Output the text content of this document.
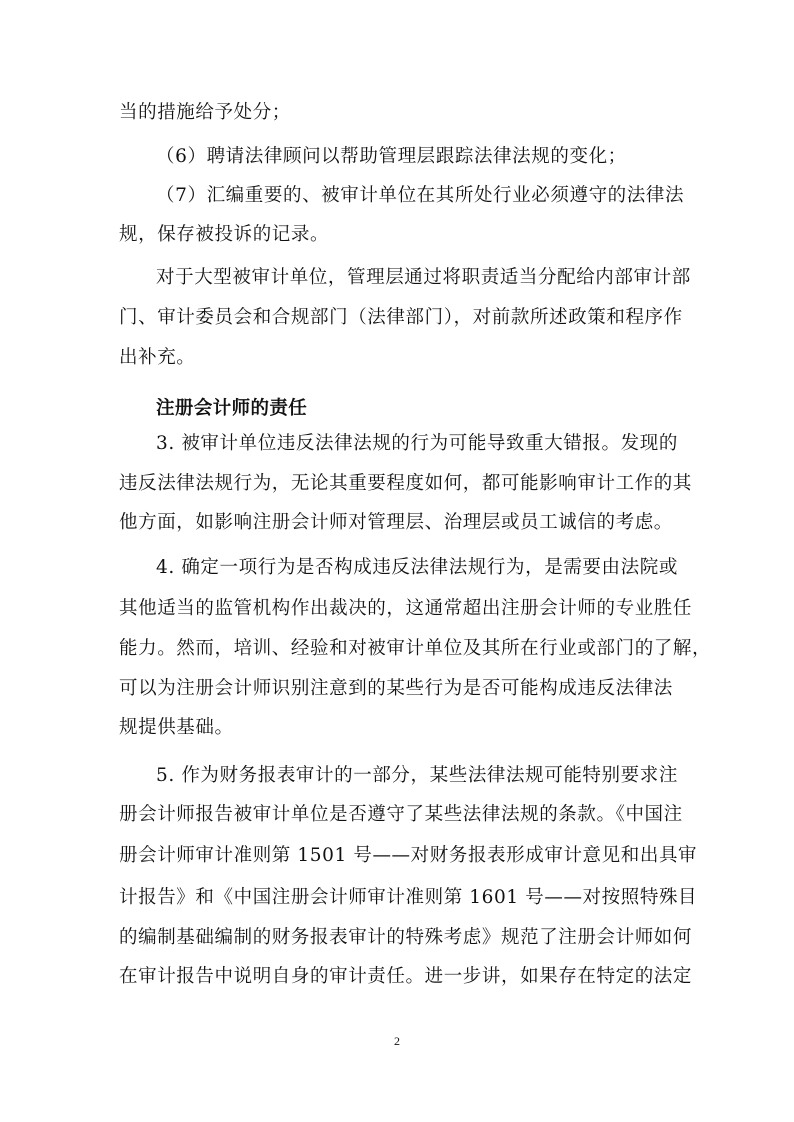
当的措施给予处分；
（6）聘请法律顾问以帮助管理层跟踪法律法规的变化；
（7）汇编重要的、被审计单位在其所处行业必须遵守的法律法
规，保存被投诉的记录。
对于大型被审计单位，管理层通过将职责适当分配给内部审计部
门、审计委员会和合规部门（法律部门），对前款所述政策和程序作
出补充。
注册会计师的责任
3. 被审计单位违反法律法规的行为可能导致重大错报。发现的
违反法律法规行为，无论其重要程度如何，都可能影响审计工作的其
他方面，如影响注册会计师对管理层、治理层或员工诚信的考虑。
4. 确定一项行为是否构成违反法律法规行为，是需要由法院或
其他适当的监管机构作出裁决的，这通常超出注册会计师的专业胜任
能力。然而，培训、经验和对被审计单位及其所在行业或部门的了解，
可以为注册会计师识别注意到的某些行为是否可能构成违反法律法
规提供基础。
5. 作为财务报表审计的一部分，某些法律法规可能特别要求注
册会计师报告被审计单位是否遵守了某些法律法规的条款。《中国注
册会计师审计准则第 1501 号——对财务报表形成审计意见和出具审
计报告》和《中国注册会计师审计准则第 1601 号——对按照特殊目
的编制基础编制的财务报表审计的特殊考虑》规范了注册会计师如何
在审计报告中说明自身的审计责任。进一步讲，如果存在特定的法定
2
